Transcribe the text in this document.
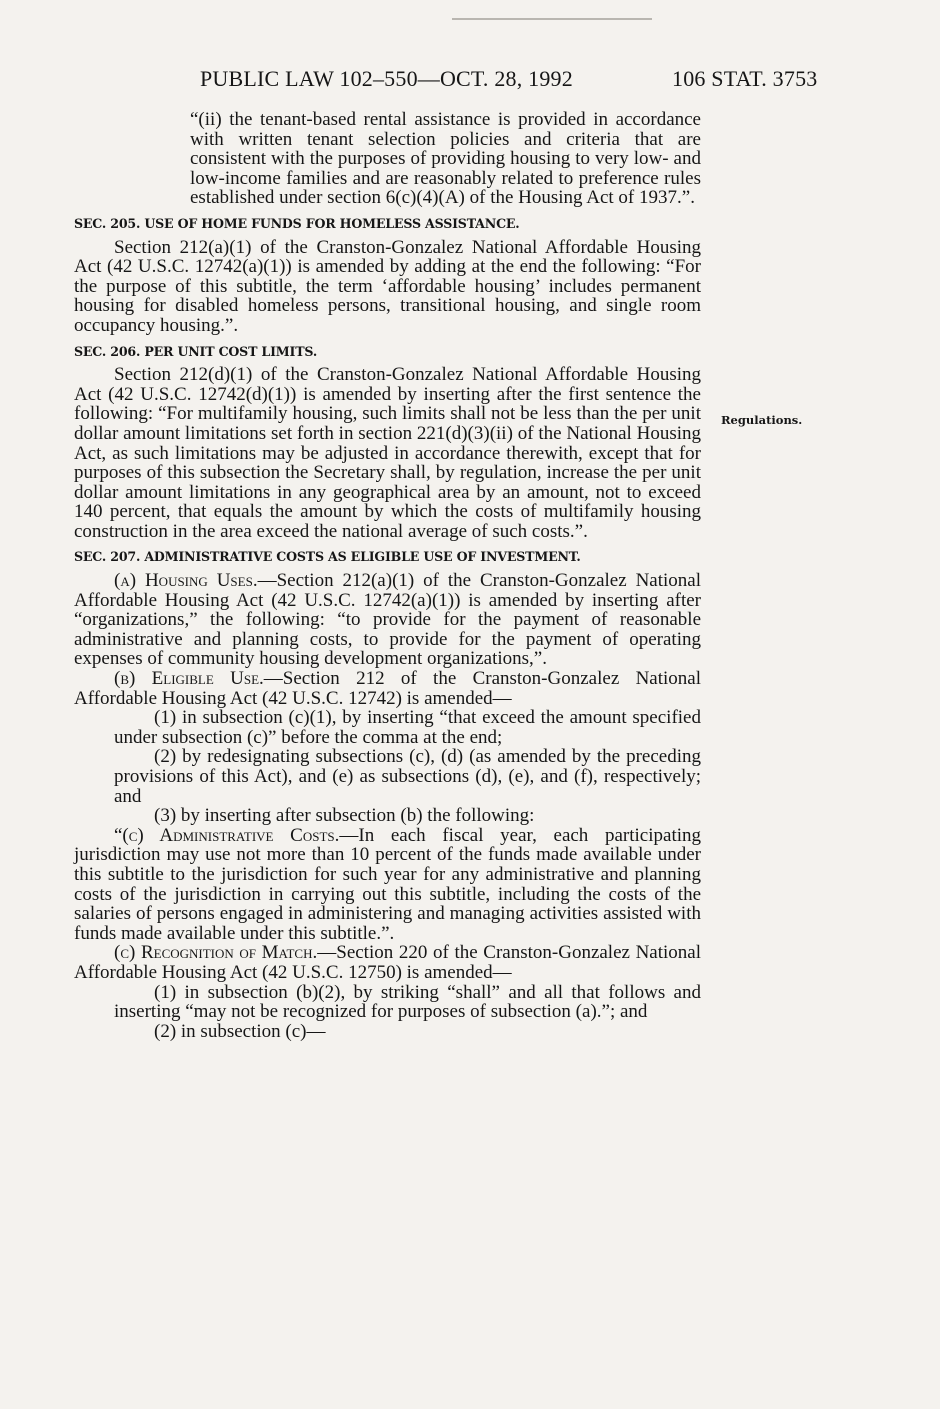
PUBLIC LAW 102–550—OCT. 28, 1992	106 STAT. 3753
Regulations.

“(ii) the tenant-based rental assistance is provided in accordance with written tenant selection policies and criteria that are consistent with the purposes of providing housing to very low- and low-income families and are reasonably related to preference rules established under section 6(c)(4)(A) of the Housing Act of 1937.”.

SEC. 205. USE OF HOME FUNDS FOR HOMELESS ASSISTANCE.

Section 212(a)(1) of the Cranston-Gonzalez National Affordable Housing Act (42 U.S.C. 12742(a)(1)) is amended by adding at the end the following: “For the purpose of this subtitle, the term ‘affordable housing’ includes permanent housing for disabled homeless persons, transitional housing, and single room occupancy housing.”.

SEC. 206. PER UNIT COST LIMITS.

Section 212(d)(1) of the Cranston-Gonzalez National Affordable Housing Act (42 U.S.C. 12742(d)(1)) is amended by inserting after the first sentence the following: “For multifamily housing, such limits shall not be less than the per unit dollar amount limitations set forth in section 221(d)(3)(ii) of the National Housing Act, as such limitations may be adjusted in accordance therewith, except that for purposes of this subsection the Secretary shall, by regulation, increase the per unit dollar amount limitations in any geographical area by an amount, not to exceed 140 percent, that equals the amount by which the costs of multifamily housing construction in the area exceed the national average of such costs.”.

SEC. 207. ADMINISTRATIVE COSTS AS ELIGIBLE USE OF INVESTMENT.

(a) Housing Uses.—Section 212(a)(1) of the Cranston-Gonzalez National Affordable Housing Act (42 U.S.C. 12742(a)(1)) is amended by inserting after “organizations,” the following: “to provide for the payment of reasonable administrative and planning costs, to provide for the payment of operating expenses of community housing development organizations,”.

(b) Eligible Use.—Section 212 of the Cranston-Gonzalez National Affordable Housing Act (42 U.S.C. 12742) is amended—

(1) in subsection (c)(1), by inserting “that exceed the amount specified under subsection (c)” before the comma at the end;

(2) by redesignating subsections (c), (d) (as amended by the preceding provisions of this Act), and (e) as subsections (d), (e), and (f), respectively; and

(3) by inserting after subsection (b) the following:

“(c) Administrative Costs.—In each fiscal year, each participating jurisdiction may use not more than 10 percent of the funds made available under this subtitle to the jurisdiction for such year for any administrative and planning costs of the jurisdiction in carrying out this subtitle, including the costs of the salaries of persons engaged in administering and managing activities assisted with funds made available under this subtitle.”.

(c) Recognition of Match.—Section 220 of the Cranston-Gonzalez National Affordable Housing Act (42 U.S.C. 12750) is amended—

(1) in subsection (b)(2), by striking “shall” and all that follows and inserting “may not be recognized for purposes of subsection (a).”; and

(2) in subsection (c)—
